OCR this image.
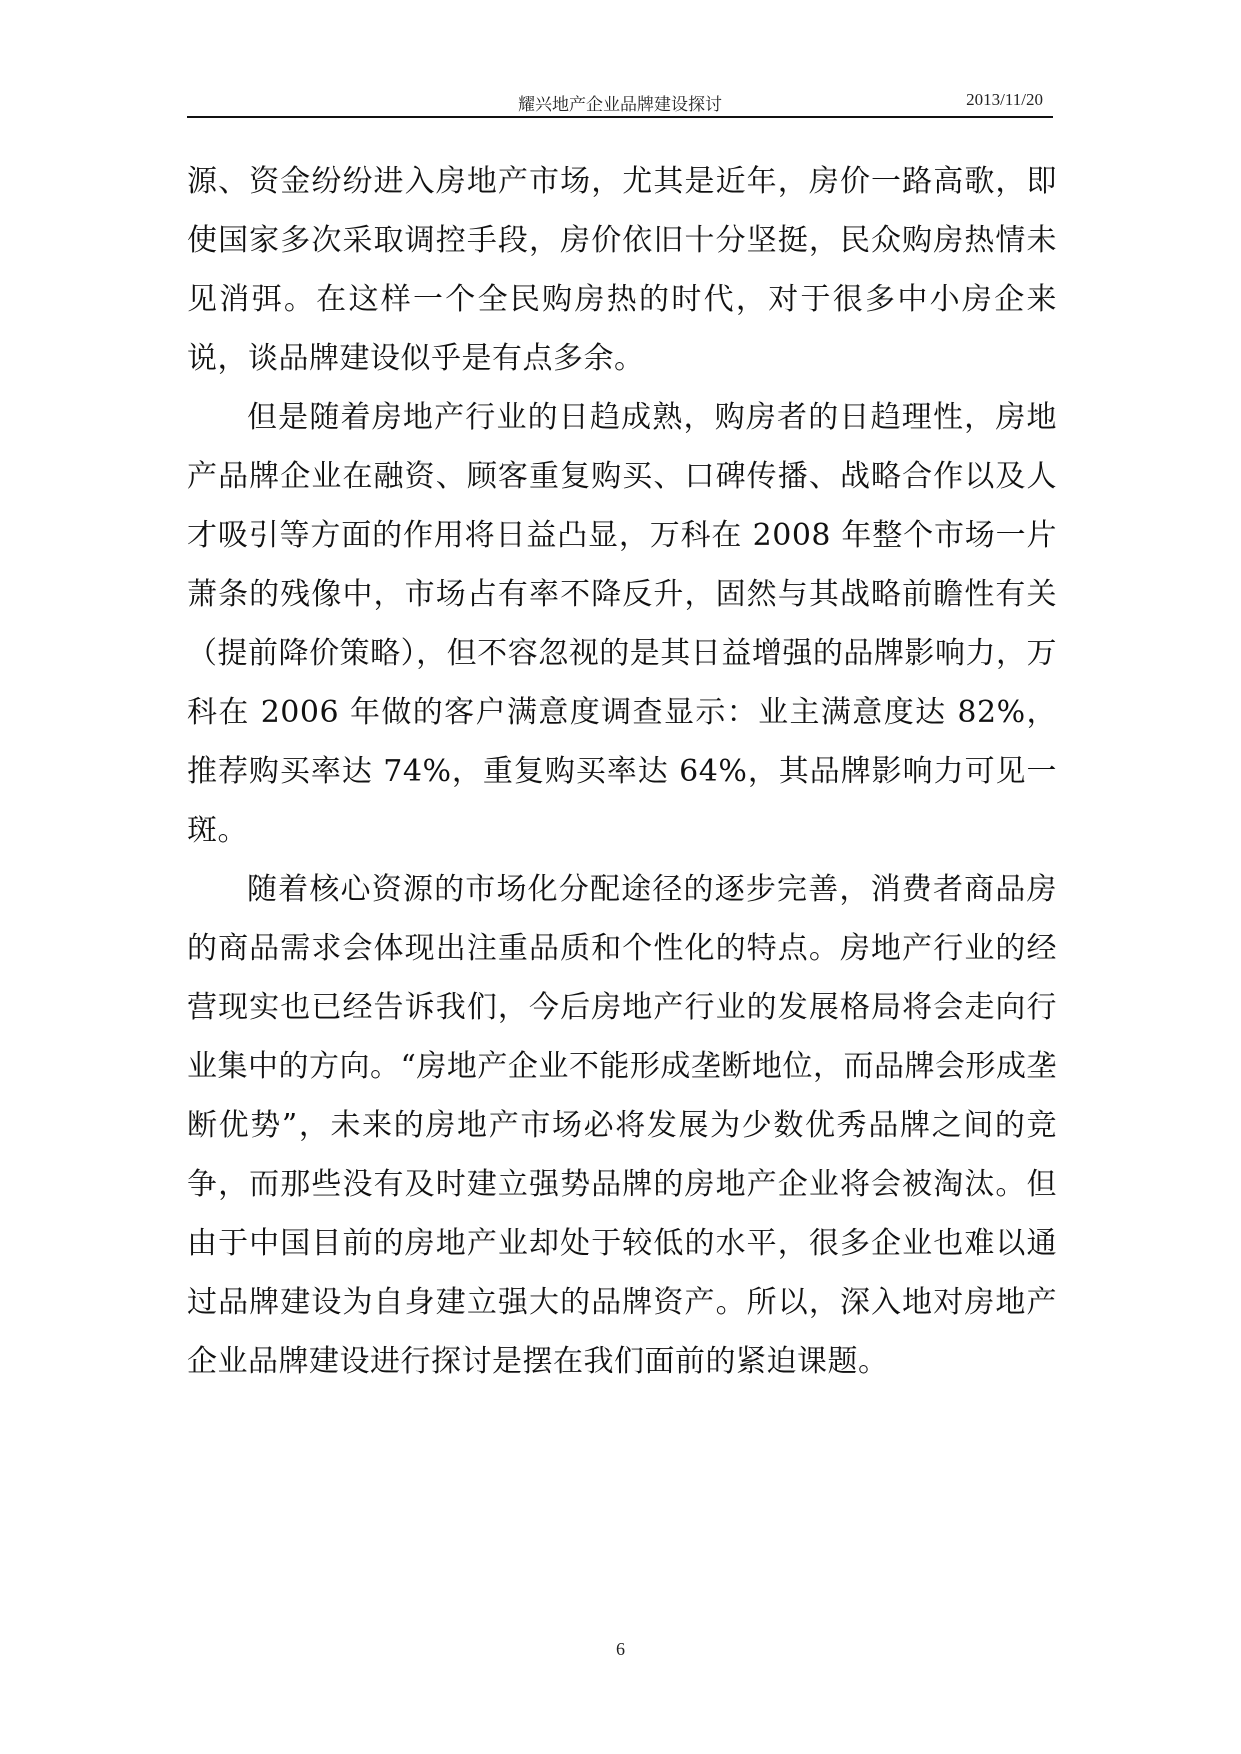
耀兴地产企业品牌建设探讨	2013/11/20

源、资金纷纷进入房地产市场，尤其是近年，房价一路高歌，即使国家多次采取调控手段，房价依旧十分坚挺，民众购房热情未见消弭。在这样一个全民购房热的时代，对于很多中小房企来说，谈品牌建设似乎是有点多余。

但是随着房地产行业的日趋成熟，购房者的日趋理性，房地产品牌企业在融资、顾客重复购买、口碑传播、战略合作以及人才吸引等方面的作用将日益凸显，万科在 2008 年整个市场一片萧条的残像中，市场占有率不降反升，固然与其战略前瞻性有关（提前降价策略），但不容忽视的是其日益增强的品牌影响力，万科在 2006 年做的客户满意度调查显示：业主满意度达 82%，推荐购买率达 74%，重复购买率达 64%，其品牌影响力可见一斑。

随着核心资源的市场化分配途径的逐步完善，消费者商品房的商品需求会体现出注重品质和个性化的特点。房地产行业的经营现实也已经告诉我们，今后房地产行业的发展格局将会走向行业集中的方向。“房地产企业不能形成垄断地位，而品牌会形成垄断优势”，未来的房地产市场必将发展为少数优秀品牌之间的竞争，而那些没有及时建立强势品牌的房地产企业将会被淘汰。但由于中国目前的房地产业却处于较低的水平，很多企业也难以通过品牌建设为自身建立强大的品牌资产。所以，深入地对房地产企业品牌建设进行探讨是摆在我们面前的紧迫课题。

6
